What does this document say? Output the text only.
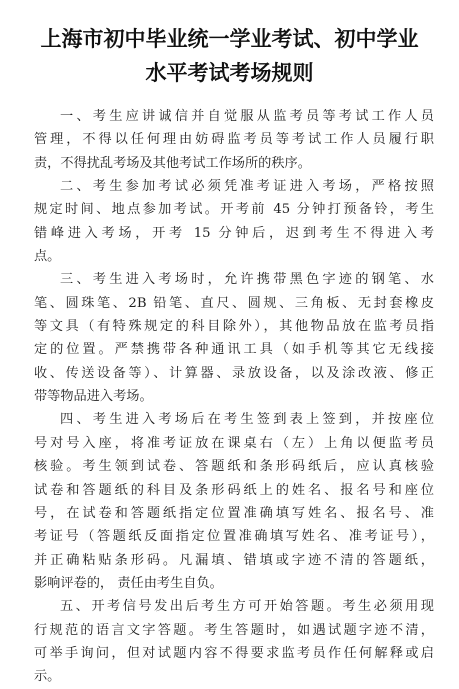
上海市初中毕业统一学业考试、初中学业
水平考试考场规则
一、考生应讲诚信并自觉服从监考员等考试工作人员
管理，不得以任何理由妨碍监考员等考试工作人员履行职
责，不得扰乱考场及其他考试工作场所的秩序。
二、考生参加考试必须凭准考证进入考场，严格按照
规定时间、地点参加考试。开考前 45 分钟打预备铃，考生
错峰进入考场，开考 15 分钟后，迟到考生不得进入考
点。
三、考生进入考场时，允许携带黑色字迹的钢笔、水
笔、圆珠笔、2B 铅笔、直尺、圆规、三角板、无封套橡皮
等文具（有特殊规定的科目除外），其他物品放在监考员指
定的位置。严禁携带各种通讯工具（如手机等其它无线接
收、传送设备等）、计算器、录放设备，以及涂改液、修正
带等物品进入考场。
四、考生进入考场后在考生签到表上签到，并按座位
号对号入座，将准考证放在课桌右（左）上角以便监考员
核验。考生领到试卷、答题纸和条形码纸后，应认真核验
试卷和答题纸的科目及条形码纸上的姓名、报名号和座位
号，在试卷和答题纸指定位置准确填写姓名、报名号、准
考证号（答题纸反面指定位置准确填写姓名、准考证号），
并正确粘贴条形码。凡漏填、错填或字迹不清的答题纸，
影响评卷的， 责任由考生自负。
五、开考信号发出后考生方可开始答题。考生必须用现
行规范的语言文字答题。考生答题时，如遇试题字迹不清，
可举手询问，但对试题内容不得要求监考员作任何解释或启
示。
